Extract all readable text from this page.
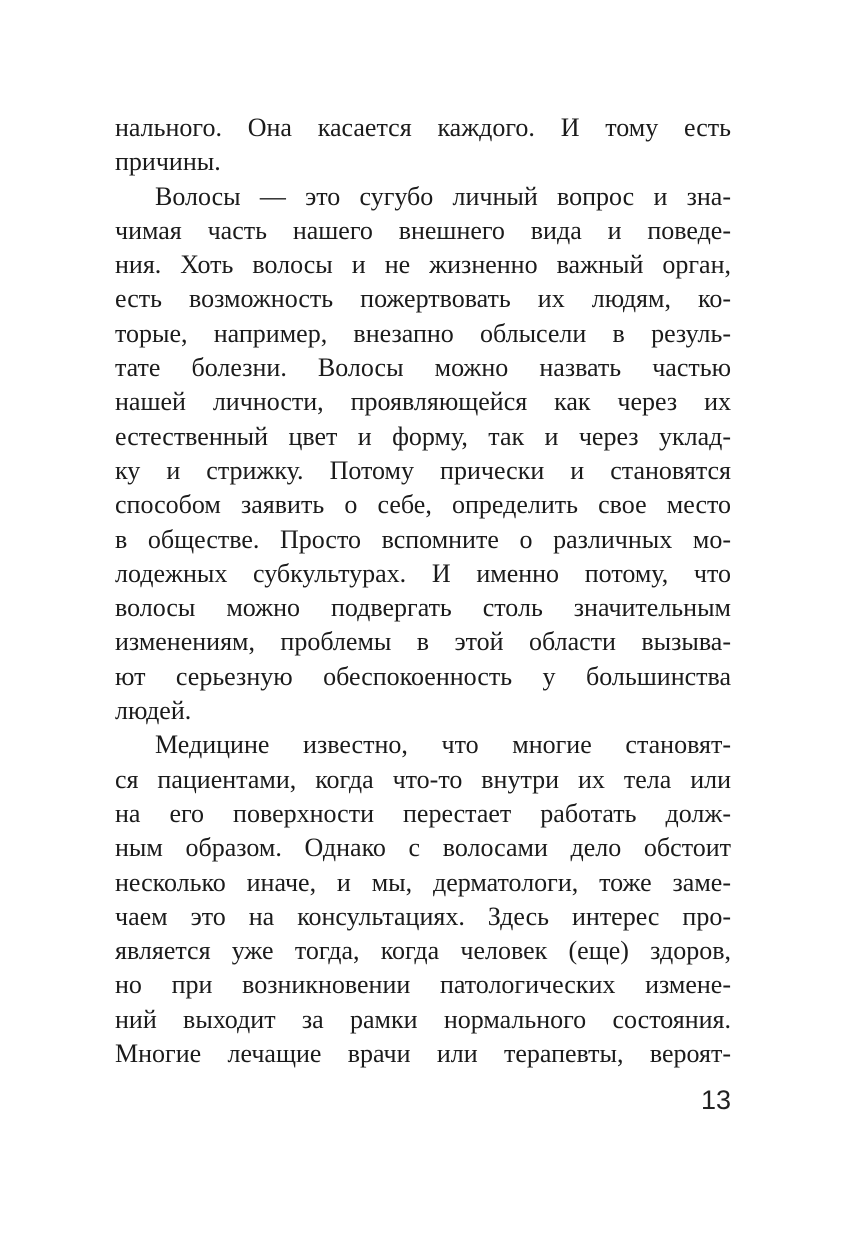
нального. Она касается каждого. И тому есть

причины.

Волосы — это сугубо личный вопрос и зна-

чимая часть нашего внешнего вида и поведе-

ния. Хоть волосы и не жизненно важный орган,

есть возможность пожертвовать их людям, ко-

торые, например, внезапно облысели в резуль-

тате болезни. Волосы можно назвать частью

нашей личности, проявляющейся как через их

естественный цвет и форму, так и через уклад-

ку и стрижку. Потому прически и становятся

способом заявить о себе, определить свое место

в обществе. Просто вспомните о различных мо-

лодежных субкультурах. И именно потому, что

волосы можно подвергать столь значительным

изменениям, проблемы в этой области вызыва-

ют серьезную обеспокоенность у большинства

людей.

Медицине известно, что многие становят-

ся пациентами, когда что-то внутри их тела или

на его поверхности перестает работать долж-

ным образом. Однако с волосами дело обстоит

несколько иначе, и мы, дерматологи, тоже заме-

чаем это на консультациях. Здесь интерес про-

является уже тогда, когда человек (еще) здоров,

но при возникновении патологических измене-

ний выходит за рамки нормального состояния.

Многие лечащие врачи или терапевты, вероят-

13
